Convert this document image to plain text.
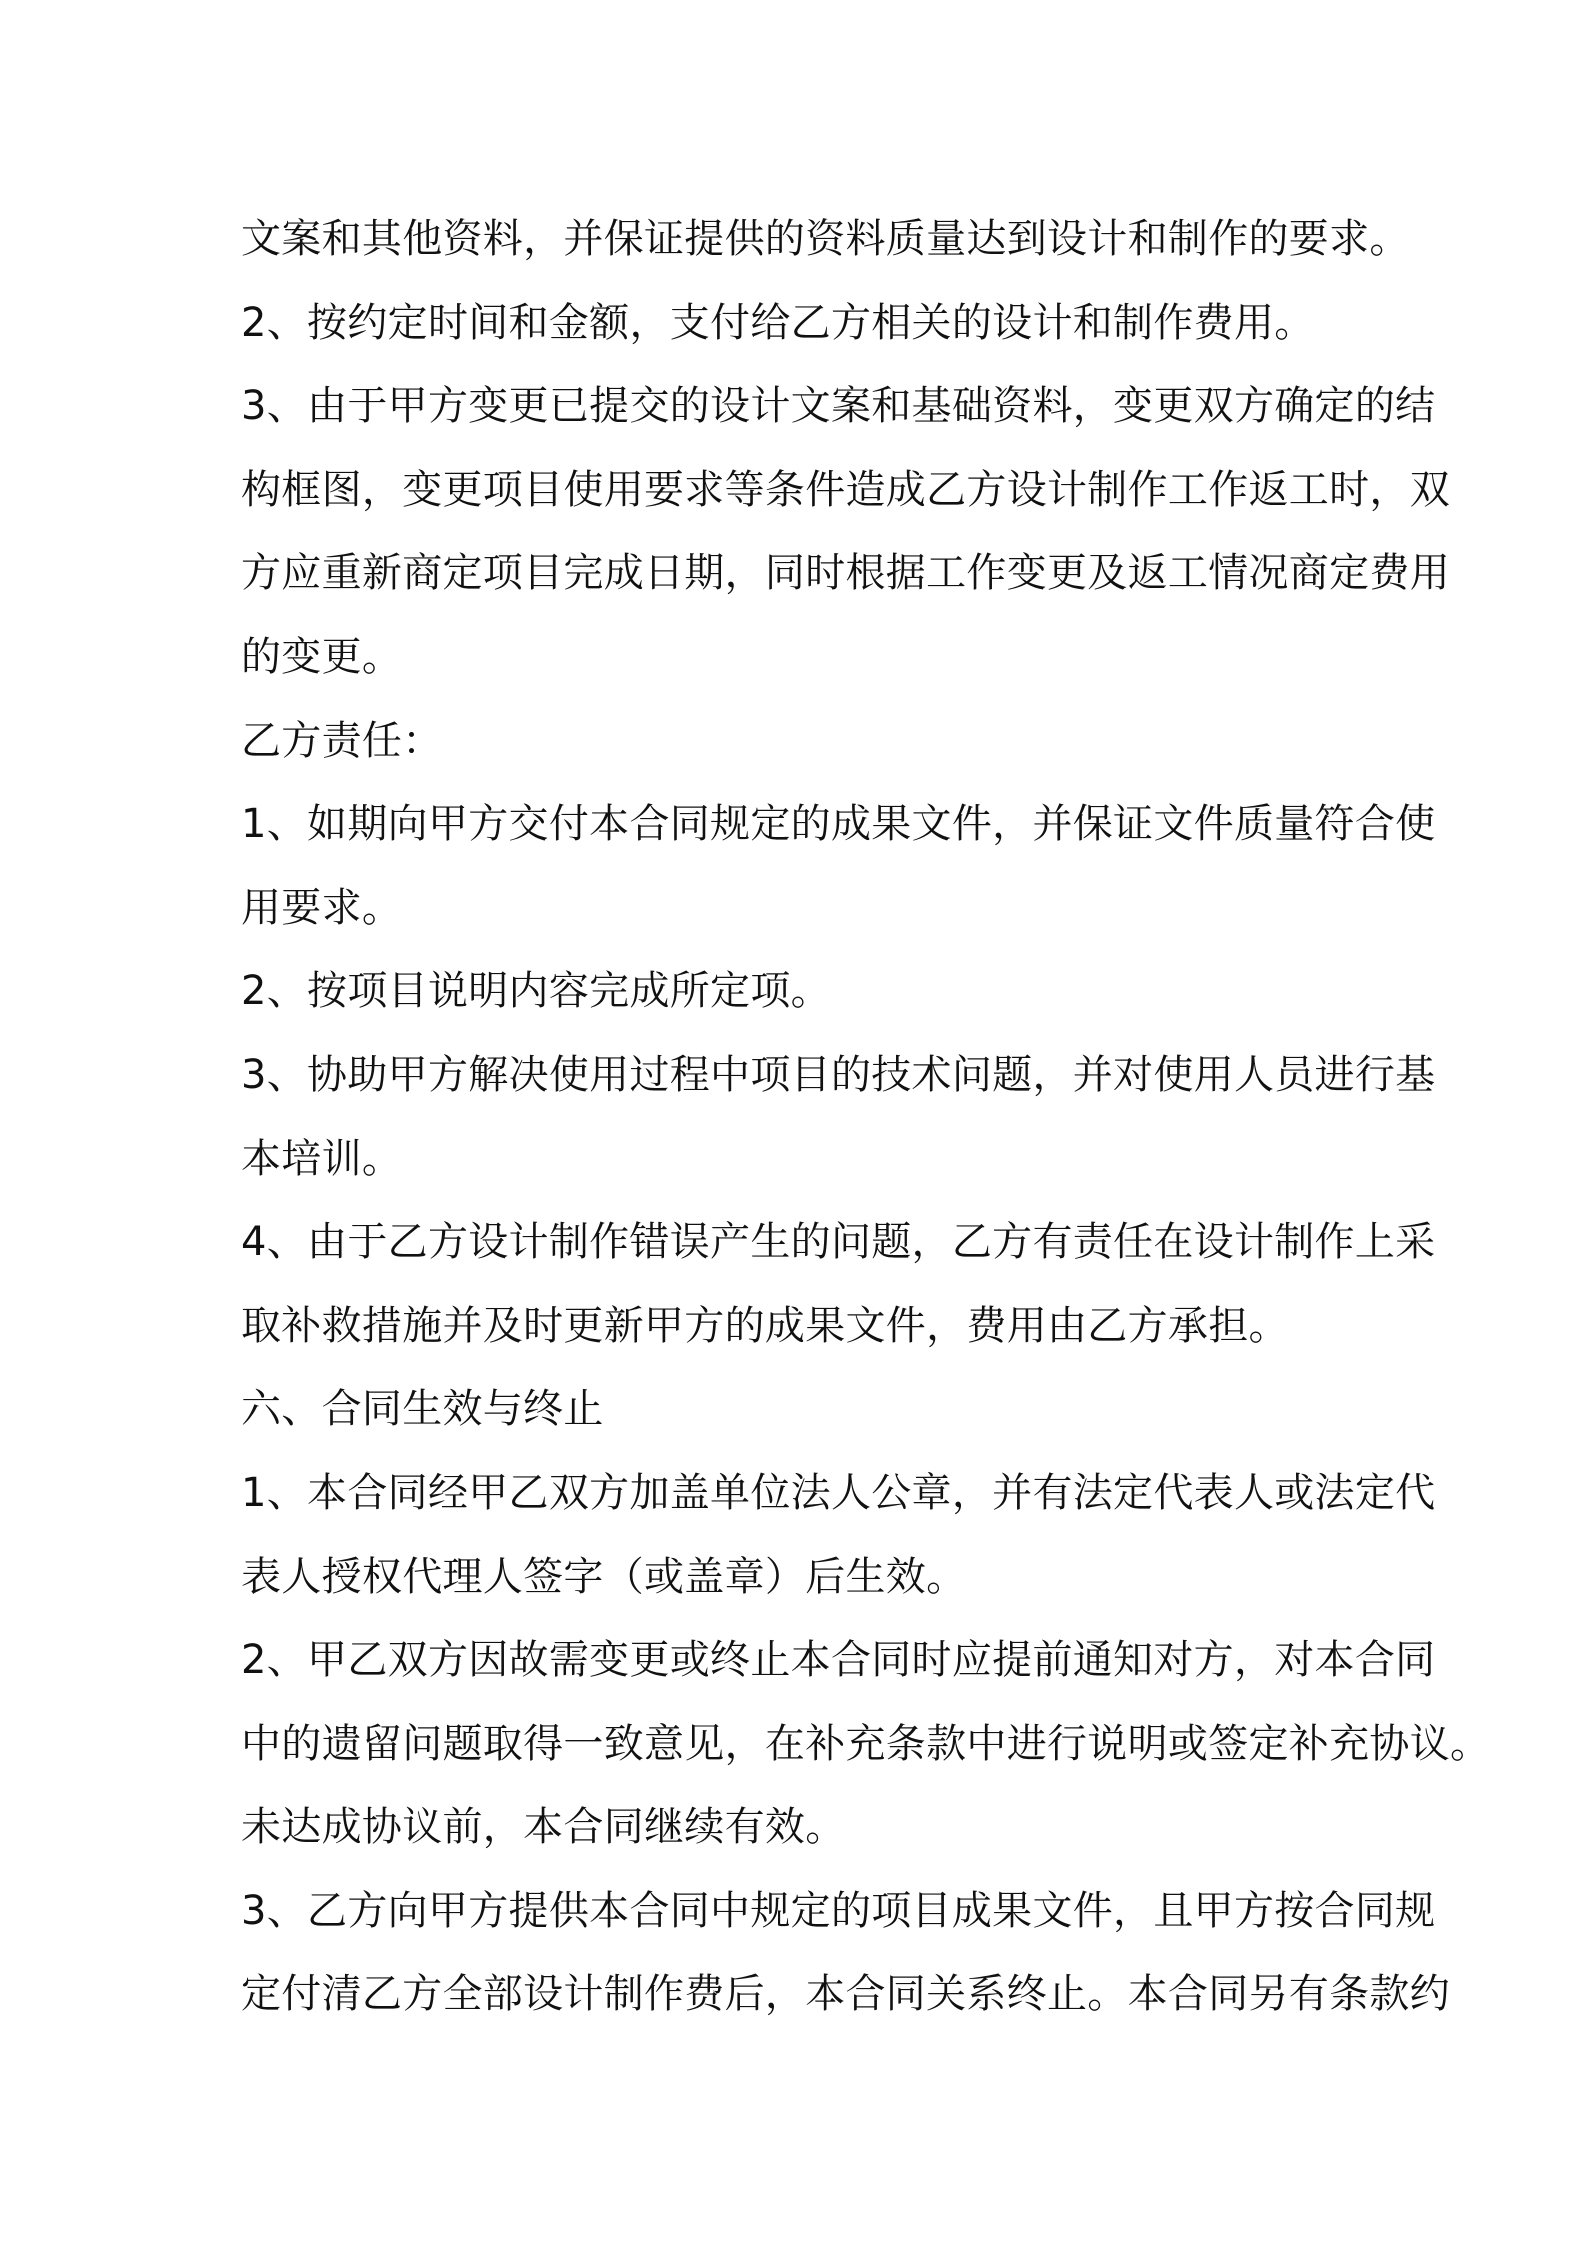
文案和其他资料，并保证提供的资料质量达到设计和制作的要求。
2、按约定时间和金额，支付给乙方相关的设计和制作费用。
3、由于甲方变更已提交的设计文案和基础资料，变更双方确定的结
构框图，变更项目使用要求等条件造成乙方设计制作工作返工时，双
方应重新商定项目完成日期，同时根据工作变更及返工情况商定费用
的变更。
乙方责任：
1、如期向甲方交付本合同规定的成果文件，并保证文件质量符合使
用要求。
2、按项目说明内容完成所定项。
3、协助甲方解决使用过程中项目的技术问题，并对使用人员进行基
本培训。
4、由于乙方设计制作错误产生的问题，乙方有责任在设计制作上采
取补救措施并及时更新甲方的成果文件，费用由乙方承担。
六、合同生效与终止
1、本合同经甲乙双方加盖单位法人公章，并有法定代表人或法定代
表人授权代理人签字（或盖章）后生效。
2、甲乙双方因故需变更或终止本合同时应提前通知对方，对本合同
中的遗留问题取得一致意见，在补充条款中进行说明或签定补充协议。
未达成协议前，本合同继续有效。
3、乙方向甲方提供本合同中规定的项目成果文件，且甲方按合同规
定付清乙方全部设计制作费后，本合同关系终止。本合同另有条款约
